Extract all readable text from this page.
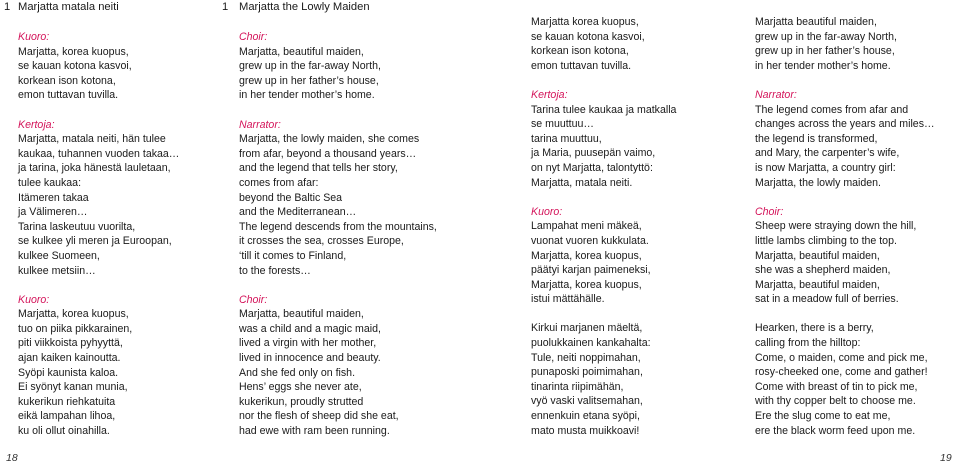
1 Marjatta matala neiti	1 Marjatta the Lowly Maiden
Kuoro:
Marjatta, korea kuopus,
se kauan kotona kasvoi,
korkean ison kotona,
emon tuttavan tuvilla.
Kertoja:
Marjatta, matala neiti, hän tulee
kaukaa, tuhannen vuoden takaa…
ja tarina, joka hänestä lauletaan,
tulee kaukaa:
Itämeren takaa
ja Välimeren…
Tarina laskeutuu vuorilta,
se kulkee yli meren ja Euroopan,
kulkee Suomeen,
kulkee metsiin…
Kuoro:
Marjatta, korea kuopus,
tuo on piika pikkarainen,
piti viikkoista pyhyyttä,
ajan kaiken kainoutta.
Syöpi kaunista kaloa.
Ei syönyt kanan munia,
kukerikun riehkatuita
eikä lampahan lihoa,
ku oli ollut oinahilla.
Choir:
Marjatta, beautiful maiden,
grew up in the far-away North,
grew up in her father’s house,
in her tender mother’s home.
Narrator:
Marjatta, the lowly maiden, she comes
from afar, beyond a thousand years…
and the legend that tells her story,
comes from afar:
beyond the Baltic Sea
and the Mediterranean…
The legend descends from the mountains,
it crosses the sea, crosses Europe,
‘till it comes to Finland,
to the forests…
Choir:
Marjatta, beautiful maiden,
was a child and a magic maid,
lived a virgin with her mother,
lived in innocence and beauty.
And she fed only on fish.
Hens’ eggs she never ate,
kukerikun, proudly strutted
nor the flesh of sheep did she eat,
had ewe with ram been running.
Marjatta korea kuopus,
se kauan kotona kasvoi,
korkean ison kotona,
emon tuttavan tuvilla.
Kertoja:
Tarina tulee kaukaa ja matkalla
se muuttuu…
tarina muuttuu,
ja Maria, puusepän vaimo,
on nyt Marjatta, talontyttö:
Marjatta, matala neiti.
Kuoro:
Lampahat meni mäkeä,
vuonat vuoren kukkulata.
Marjatta, korea kuopus,
päätyi karjan paimeneksi,
Marjatta, korea kuopus,
istui mättähälle.
Kirkui marjanen mäeltä,
puolukkainen kankahalta:
Tule, neiti noppimahan,
punaposki poimimahan,
tinarinta riipimähän,
vyö vaski valitsemahan,
ennenkuin etana syöpi,
mato musta muikkoavi!
Marjatta beautiful maiden,
grew up in the far-away North,
grew up in her father’s house,
in her tender mother’s home.
Narrator:
The legend comes from afar and
changes across the years and miles…
the legend is transformed,
and Mary, the carpenter’s wife,
is now Marjatta, a country girl:
Marjatta, the lowly maiden.
Choir:
Sheep were straying down the hill,
little lambs climbing to the top.
Marjatta, beautiful maiden,
she was a shepherd maiden,
Marjatta, beautiful maiden,
sat in a meadow full of berries.
Hearken, there is a berry,
calling from the hilltop:
Come, o maiden, come and pick me,
rosy-cheeked one, come and gather!
Come with breast of tin to pick me,
with thy copper belt to choose me.
Ere the slug come to eat me,
ere the black worm feed upon me.
18	19
